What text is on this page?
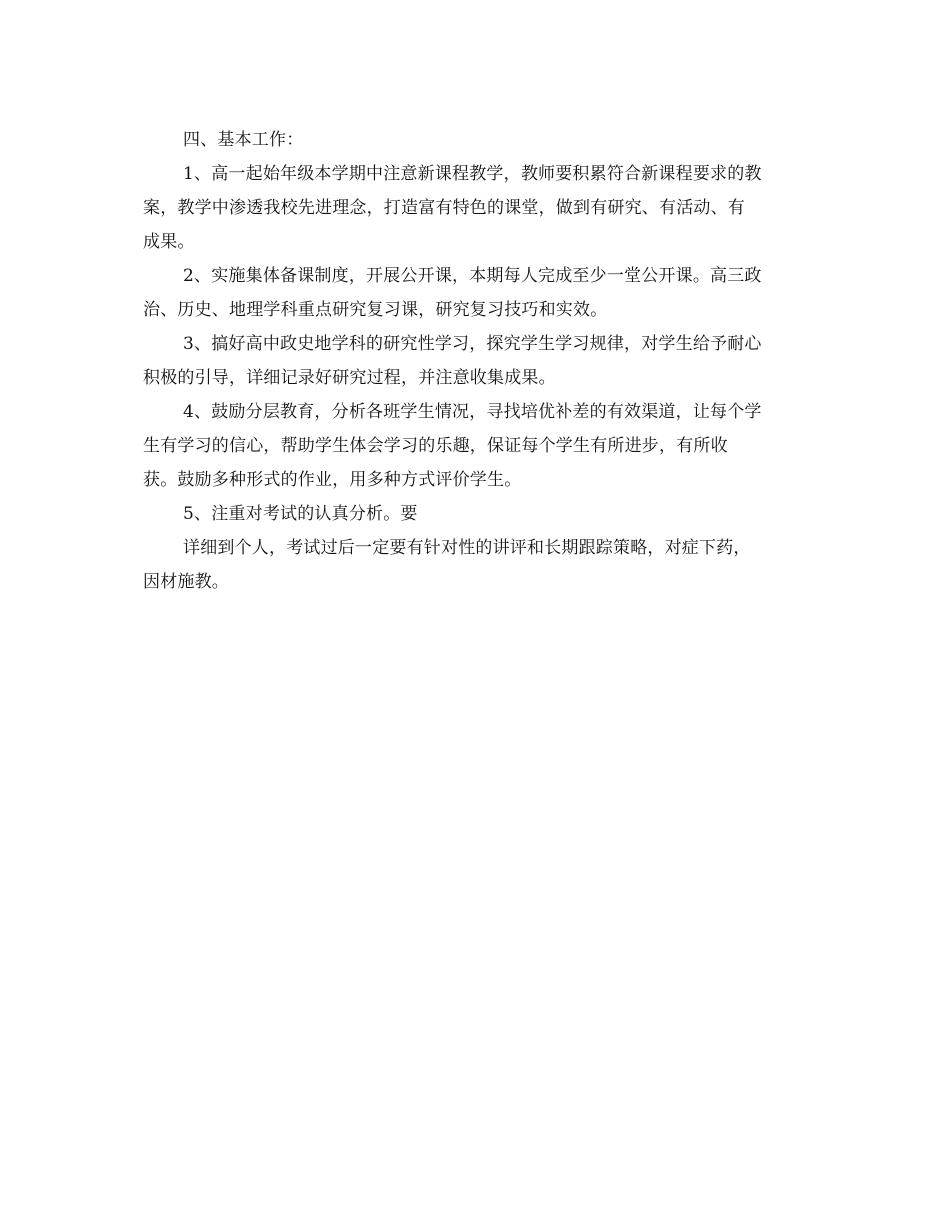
四、基本工作：
1、高一起始年级本学期中注意新课程教学，教师要积累符合新课程要求的教
案，教学中渗透我校先进理念，打造富有特色的课堂，做到有研究、有活动、有
成果。
2、实施集体备课制度，开展公开课，本期每人完成至少一堂公开课。高三政
治、历史、地理学科重点研究复习课，研究复习技巧和实效。
3、搞好高中政史地学科的研究性学习，探究学生学习规律，对学生给予耐心
积极的引导，详细记录好研究过程，并注意收集成果。
4、鼓励分层教育，分析各班学生情况，寻找培优补差的有效渠道，让每个学
生有学习的信心，帮助学生体会学习的乐趣，保证每个学生有所进步，有所收
获。鼓励多种形式的作业，用多种方式评价学生。
5、注重对考试的认真分析。要
详细到个人，考试过后一定要有针对性的讲评和长期跟踪策略，对症下药，
因材施教。
